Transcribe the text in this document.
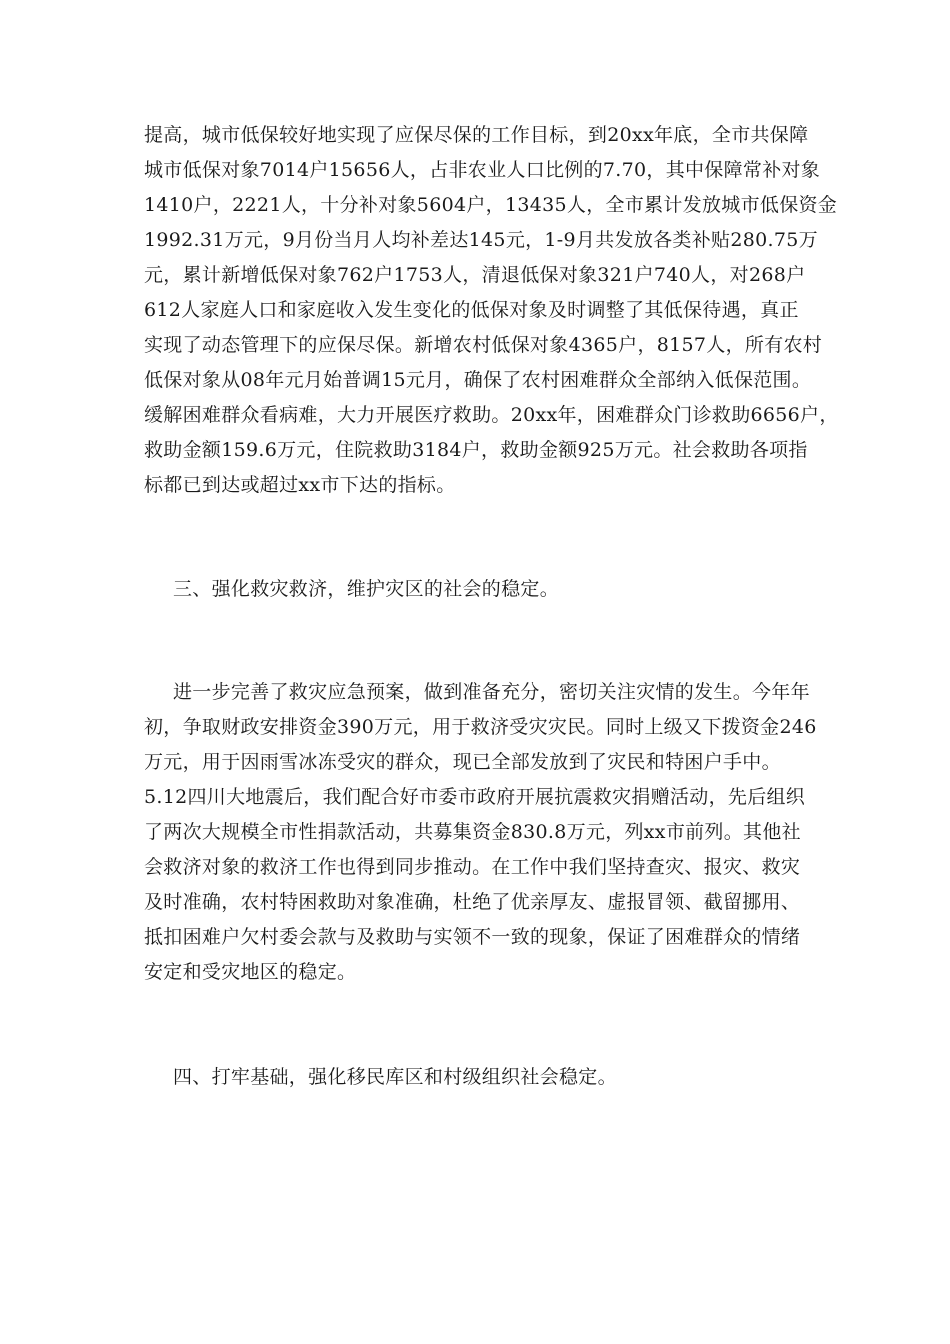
提高，城市低保较好地实现了应保尽保的工作目标，到20xx年底，全市共保障
城市低保对象7014户15656人，占非农业人口比例的7.70，其中保障常补对象
1410户，2221人，十分补对象5604户，13435人，全市累计发放城市低保资金
1992.31万元，9月份当月人均补差达145元，1-9月共发放各类补贴280.75万
元，累计新增低保对象762户1753人，清退低保对象321户740人，对268户
612人家庭人口和家庭收入发生变化的低保对象及时调整了其低保待遇，真正
实现了动态管理下的应保尽保。新增农村低保对象4365户，8157人，所有农村
低保对象从08年元月始普调15元月，确保了农村困难群众全部纳入低保范围。
缓解困难群众看病难，大力开展医疗救助。20xx年，困难群众门诊救助6656户，
救助金额159.6万元，住院救助3184户，救助金额925万元。社会救助各项指
标都已到达或超过xx市下达的指标。
三、强化救灾救济，维护灾区的社会的稳定。
进一步完善了救灾应急预案，做到准备充分，密切关注灾情的发生。今年年
初，争取财政安排资金390万元，用于救济受灾灾民。同时上级又下拨资金246
万元，用于因雨雪冰冻受灾的群众，现已全部发放到了灾民和特困户手中。
5.12四川大地震后，我们配合好市委市政府开展抗震救灾捐赠活动，先后组织
了两次大规模全市性捐款活动，共募集资金830.8万元，列xx市前列。其他社
会救济对象的救济工作也得到同步推动。在工作中我们坚持查灾、报灾、救灾
及时准确，农村特困救助对象准确，杜绝了优亲厚友、虚报冒领、截留挪用、
抵扣困难户欠村委会款与及救助与实领不一致的现象，保证了困难群众的情绪
安定和受灾地区的稳定。
四、打牢基础，强化移民库区和村级组织社会稳定。
